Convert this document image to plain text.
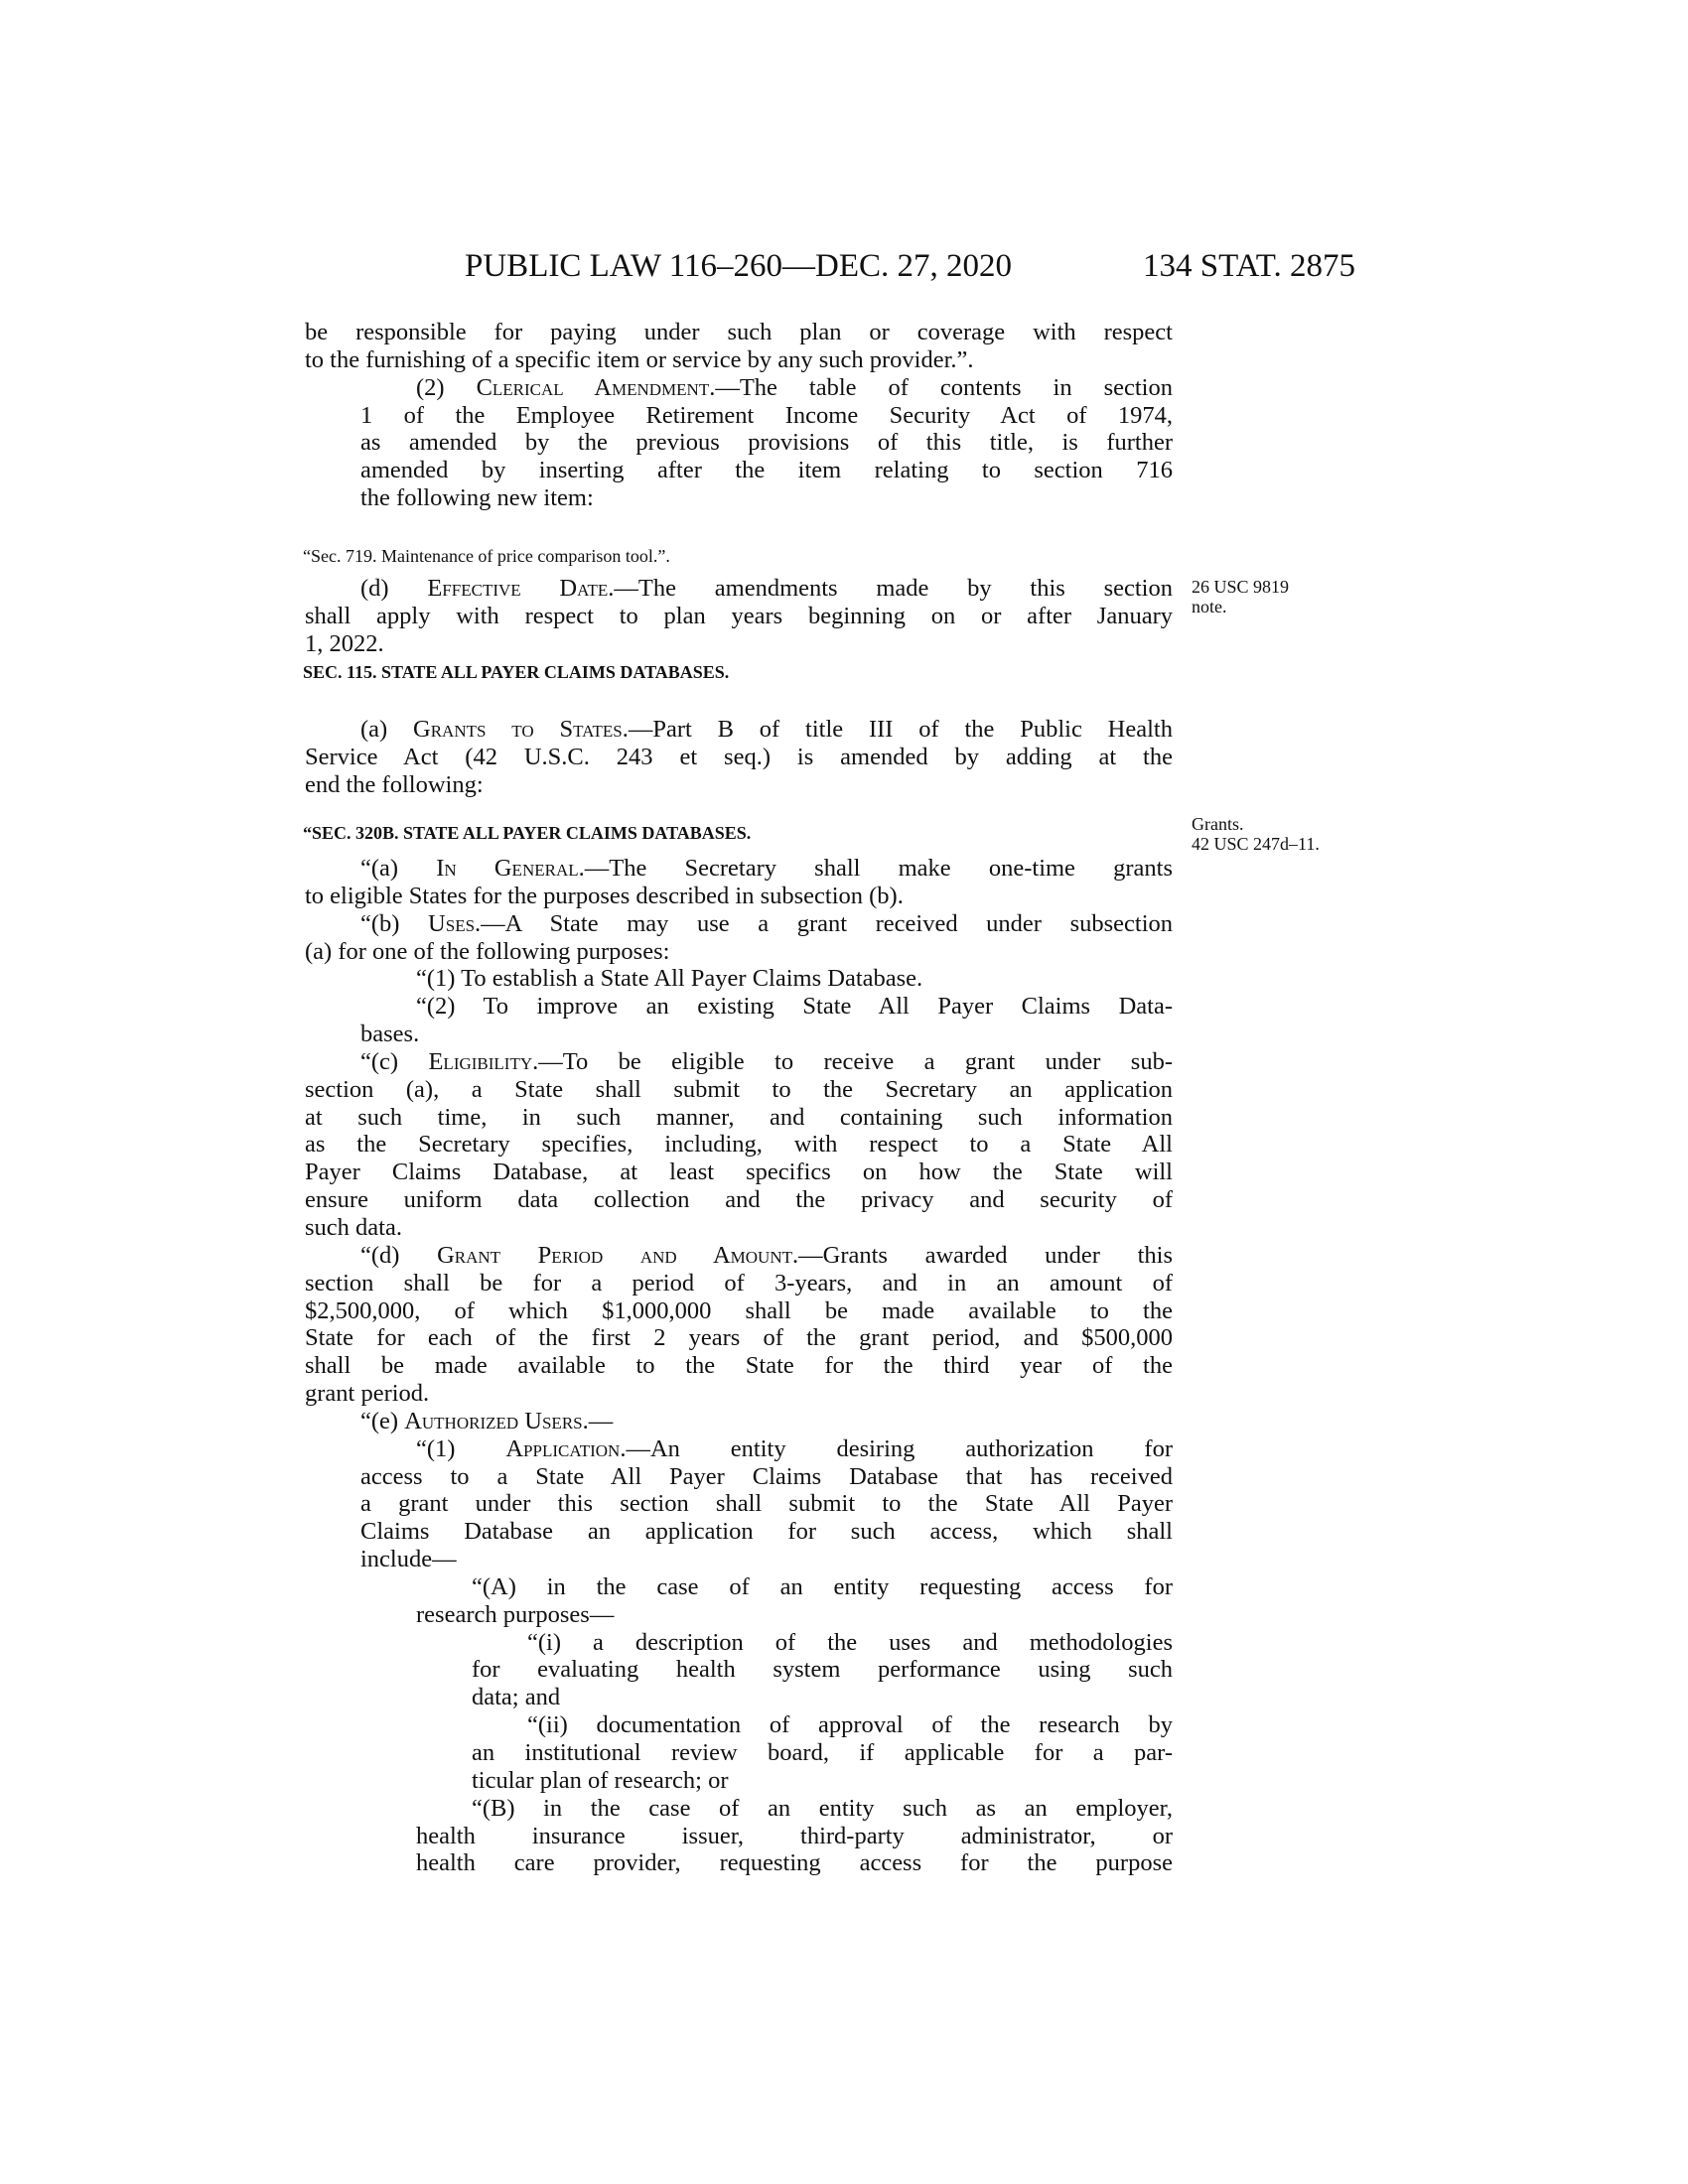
PUBLIC LAW 116–260—DEC. 27, 2020	134 STAT. 2875
be responsible for paying under such plan or coverage with respect
to the furnishing of a specific item or service by any such provider.”.
(2) Clerical Amendment.—The table of contents in section
1 of the Employee Retirement Income Security Act of 1974,
as amended by the previous provisions of this title, is further
amended by inserting after the item relating to section 716
the following new item:
“Sec. 719. Maintenance of price comparison tool.”.
(d) Effective Date.—The amendments made by this section
shall apply with respect to plan years beginning on or after January
1, 2022.
26 USC 9819
note.
SEC. 115. STATE ALL PAYER CLAIMS DATABASES.
(a) Grants to States.—Part B of title III of the Public Health
Service Act (42 U.S.C. 243 et seq.) is amended by adding at the
end the following:
“SEC. 320B. STATE ALL PAYER CLAIMS DATABASES.	Grants.
42 USC 247d–11.
“(a) In General.—The Secretary shall make one-time grants
to eligible States for the purposes described in subsection (b).
“(b) Uses.—A State may use a grant received under subsection
(a) for one of the following purposes:
“(1) To establish a State All Payer Claims Database.
“(2) To improve an existing State All Payer Claims Data-
bases.
“(c) Eligibility.—To be eligible to receive a grant under sub-
section (a), a State shall submit to the Secretary an application
at such time, in such manner, and containing such information
as the Secretary specifies, including, with respect to a State All
Payer Claims Database, at least specifics on how the State will
ensure uniform data collection and the privacy and security of
such data.
“(d) Grant Period and Amount.—Grants awarded under this
section shall be for a period of 3-years, and in an amount of
$2,500,000, of which $1,000,000 shall be made available to the
State for each of the first 2 years of the grant period, and $500,000
shall be made available to the State for the third year of the
grant period.
“(e) Authorized Users.—
“(1) Application.—An entity desiring authorization for
access to a State All Payer Claims Database that has received
a grant under this section shall submit to the State All Payer
Claims Database an application for such access, which shall
include—
“(A) in the case of an entity requesting access for
research purposes—
“(i) a description of the uses and methodologies
for evaluating health system performance using such
data; and
“(ii) documentation of approval of the research by
an institutional review board, if applicable for a par-
ticular plan of research; or
“(B) in the case of an entity such as an employer,
health insurance issuer, third-party administrator, or
health care provider, requesting access for the purpose
